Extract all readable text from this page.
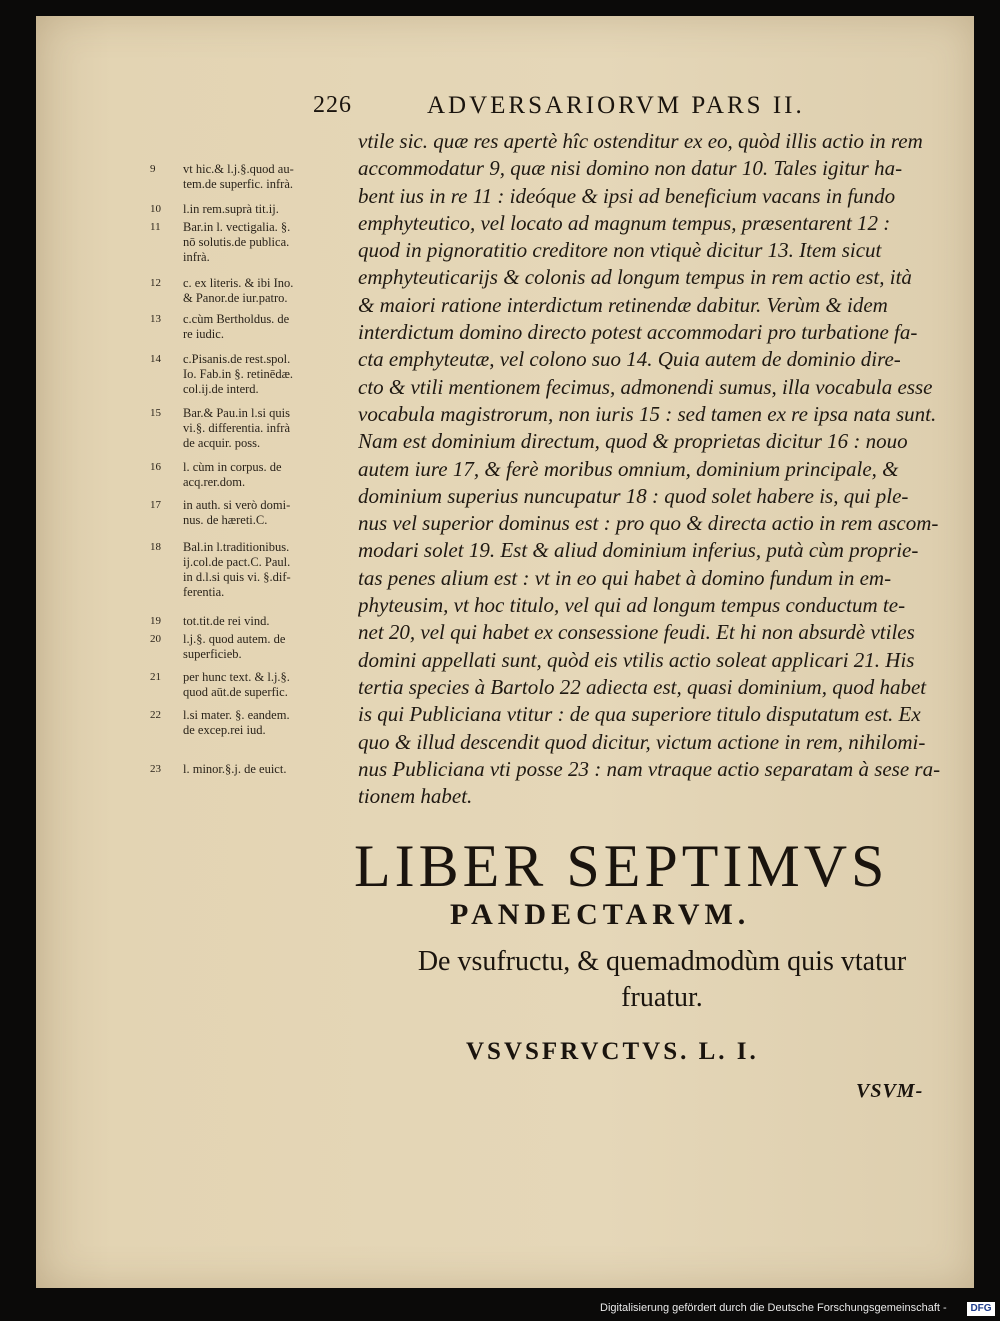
226	ADVERSARIORVM PARS II.
9	vt hic.& l.j.§.quod au-
tem.de superfic. infrà.
10	l.in rem.suprà tit.ij.
11	Bar.in l. vectigalia. §.
nō solutis.de publica.
infrà.
12	c. ex literis. & ibi Ino.
& Panor.de iur.patro.
13	c.cùm Bertholdus. de
re iudic.
14	c.Pisanis.de rest.spol.
Io. Fab.in §. retinēdæ.
col.ij.de interd.
15	Bar.& Pau.in l.si quis
vi.§. differentia. infrà
de acquir. poss.
16	l. cùm in corpus. de
acq.rer.dom.
17	in auth. si verò domi-
nus. de hæreti.C.
18	Bal.in l.traditionibus.
ij.col.de pact.C. Paul.
in d.l.si quis vi. §.dif-
ferentia.
19	tot.tit.de rei vind.
20	l.j.§. quod autem. de
superficieb.
21	per hunc text. & l.j.§.
quod aūt.de superfic.
22	l.si mater. §. eandem.
de excep.rei iud.
23	l. minor.§.j. de euict.
vtile sic. quæ res apertè hîc ostenditur ex eo, quòd illis actio in rem
accommodatur 9, quæ nisi domino non datur 10. Tales igitur ha-
bent ius in re 11 : ideóque & ipsi ad beneficium vacans in fundo
emphyteutico, vel locato ad magnum tempus, præsentarent 12 :
quod in pignoratitio creditore non vtiquè dicitur 13. Item sicut
emphyteuticarijs & colonis ad longum tempus in rem actio est, ità
& maiori ratione interdictum retinendæ dabitur. Verùm & idem
interdictum domino directo potest accommodari pro turbatione fa-
cta emphyteutæ, vel colono suo 14. Quia autem de dominio dire-
cto & vtili mentionem fecimus, admonendi sumus, illa vocabula esse
vocabula magistrorum, non iuris 15 : sed tamen ex re ipsa nata sunt.
Nam est dominium directum, quod & proprietas dicitur 16 : nouo
autem iure 17, & ferè moribus omnium, dominium principale, &
dominium superius nuncupatur 18 : quod solet habere is, qui ple-
nus vel superior dominus est : pro quo & directa actio in rem ascom-
modari solet 19. Est & aliud dominium inferius, putà cùm proprie-
tas penes alium est : vt in eo qui habet à domino fundum in em-
phyteusim, vt hoc titulo, vel qui ad longum tempus conductum te-
net 20, vel qui habet ex consessione feudi. Et hi non absurdè vtiles
domini appellati sunt, quòd eis vtilis actio soleat applicari 21. His
tertia species à Bartolo 22 adiecta est, quasi dominium, quod habet
is qui Publiciana vtitur : de qua superiore titulo disputatum est. Ex
quo & illud descendit quod dicitur, victum actione in rem, nihilomi-
nus Publiciana vti posse 23 : nam vtraque actio separatam à sese ra-
tionem habet.
LIBER SEPTIMVS
PANDECTARVM.
De vsufructu, & quemadmodùm quis vtatur fruatur.
VSVSFRVCTVS. L. I.
VSVM-
Digitalisierung gefördert durch die Deutsche Forschungsgemeinschaft -	DFG
